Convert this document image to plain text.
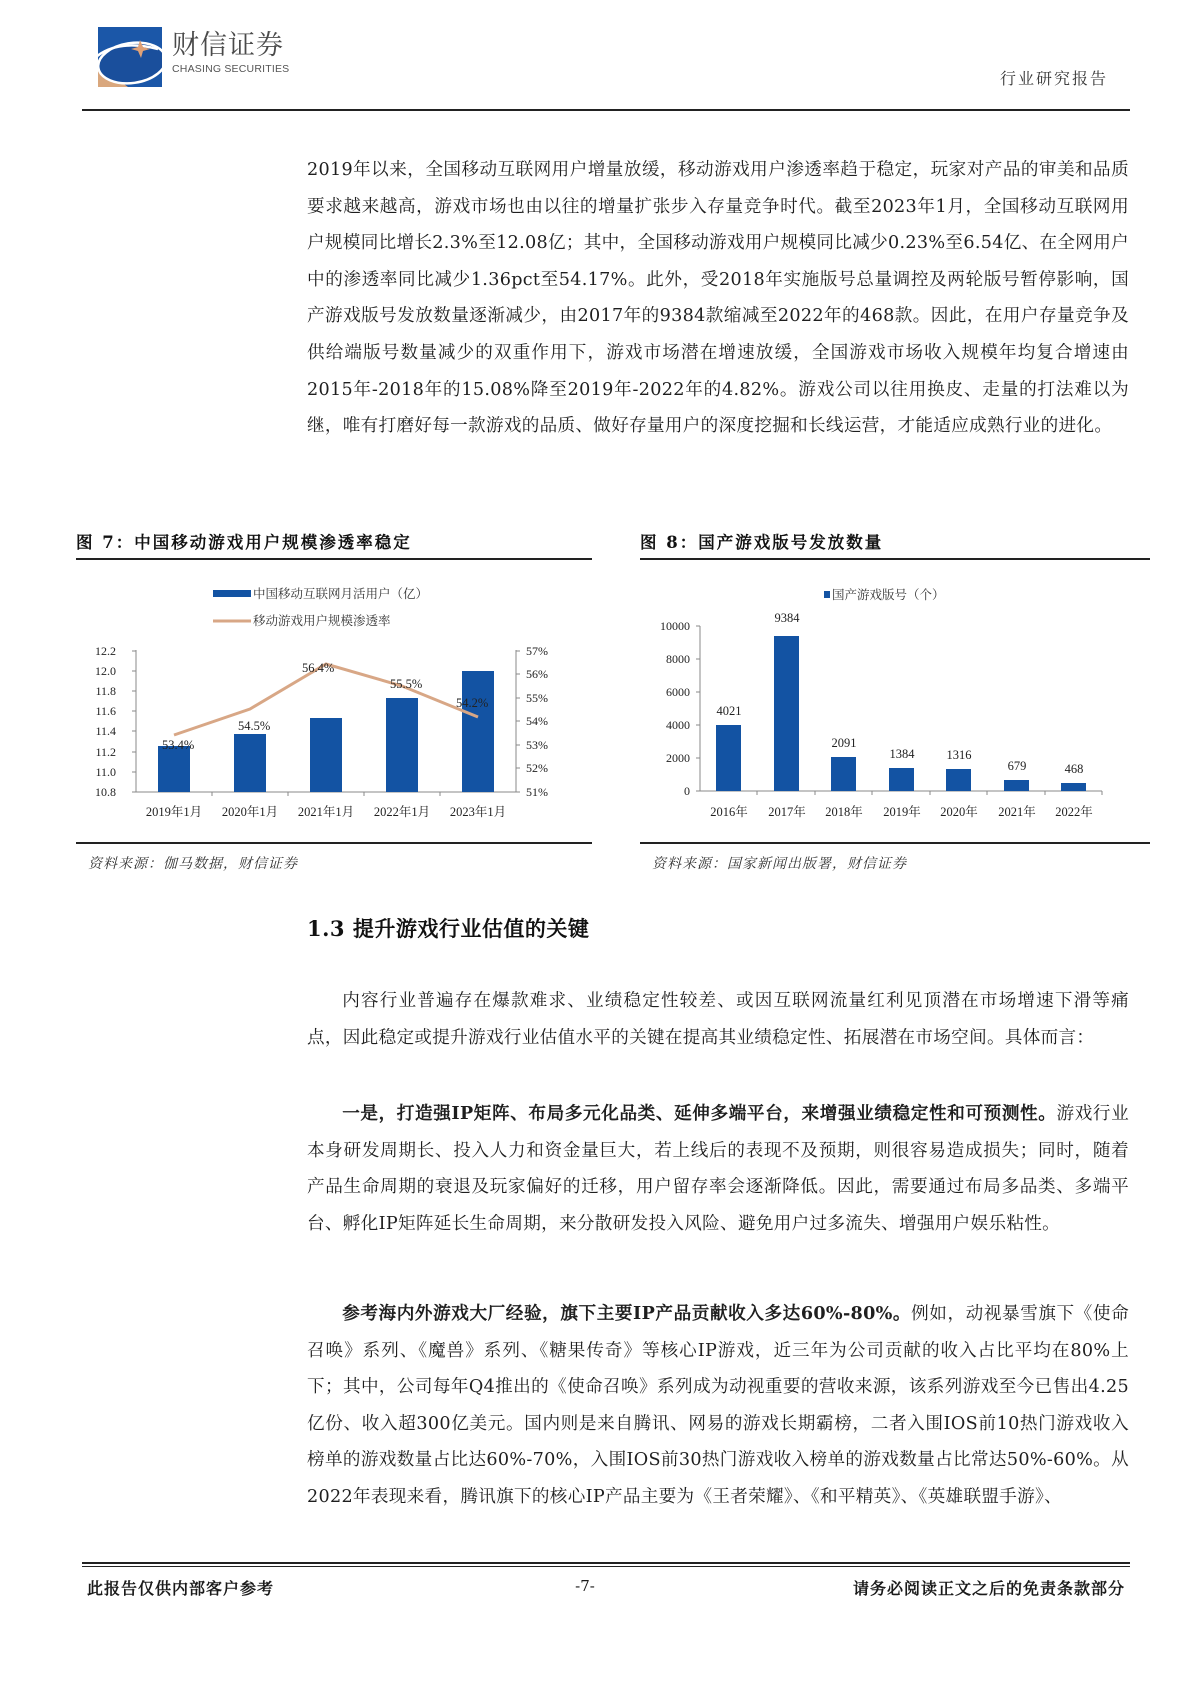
财信证券
CHASING SECURITIES	行业研究报告
2019年以来，全国移动互联网用户增量放缓，移动游戏用户渗透率趋于稳定，玩家对产品的审美和品质要求越来越高，游戏市场也由以往的增量扩张步入存量竞争时代。截至2023年1月，全国移动互联网用户规模同比增长2.3%至12.08亿；其中，全国移动游戏用户规模同比减少0.23%至6.54亿、在全网用户中的渗透率同比减少1.36pct至54.17%。此外，受2018年实施版号总量调控及两轮版号暂停影响，国产游戏版号发放数量逐渐减少，由2017年的9384款缩减至2022年的468款。因此，在用户存量竞争及供给端版号数量减少的双重作用下，游戏市场潜在增速放缓，全国游戏市场收入规模年均复合增速由2015年-2018年的15.08%降至2019年-2022年的4.82%。游戏公司以往用换皮、走量的打法难以为继，唯有打磨好每一款游戏的品质、做好存量用户的深度挖掘和长线运营，才能适应成熟行业的进化。
图 7：中国移动游戏用户规模渗透率稳定
中国移动互联网月活用户（亿）
移动游戏用户规模渗透率
10.8
11.0
11.2
11.4
11.6
11.8
12.0
12.2
51%
52%
53%
54%
55%
56%
57%
53.4%
54.5%
56.4%
55.5%
54.2%
2019年1月 2020年1月 2021年1月 2022年1月 2023年1月
资料来源：伽马数据，财信证券
图 8：国产游戏版号发放数量
国产游戏版号（个）
0
2000
4000
6000
8000
10000
4021
9384
2091
1384	1316
679	468
2016年 2017年 2018年 2019年 2020年 2021年 2022年
资料来源：国家新闻出版署，财信证券
1.3 提升游戏行业估值的关键
内容行业普遍存在爆款难求、业绩稳定性较差、或因互联网流量红利见顶潜在市场增速下滑等痛点，因此稳定或提升游戏行业估值水平的关键在提高其业绩稳定性、拓展潜在市场空间。具体而言：
一是，打造强IP矩阵、布局多元化品类、延伸多端平台，来增强业绩稳定性和可预测性。游戏行业本身研发周期长、投入人力和资金量巨大，若上线后的表现不及预期，则很容易造成损失；同时，随着产品生命周期的衰退及玩家偏好的迁移，用户留存率会逐渐降低。因此，需要通过布局多品类、多端平台、孵化IP矩阵延长生命周期，来分散研发投入风险、避免用户过多流失、增强用户娱乐粘性。
参考海内外游戏大厂经验，旗下主要IP产品贡献收入多达60%-80%。例如，动视暴雪旗下《使命召唤》系列、《魔兽》系列、《糖果传奇》等核心IP游戏，近三年为公司贡献的收入占比平均在80%上下；其中，公司每年Q4推出的《使命召唤》系列成为动视重要的营收来源，该系列游戏至今已售出4.25亿份、收入超300亿美元。国内则是来自腾讯、网易的游戏长期霸榜，二者入围IOS前10热门游戏收入榜单的游戏数量占比达60%-70%，入围IOS前30热门游戏收入榜单的游戏数量占比常达50%-60%。从2022年表现来看，腾讯旗下的核心IP产品主要为《王者荣耀》、《和平精英》、《英雄联盟手游》、
此报告仅供内部客户参考	-7-	请务必阅读正文之后的免责条款部分
